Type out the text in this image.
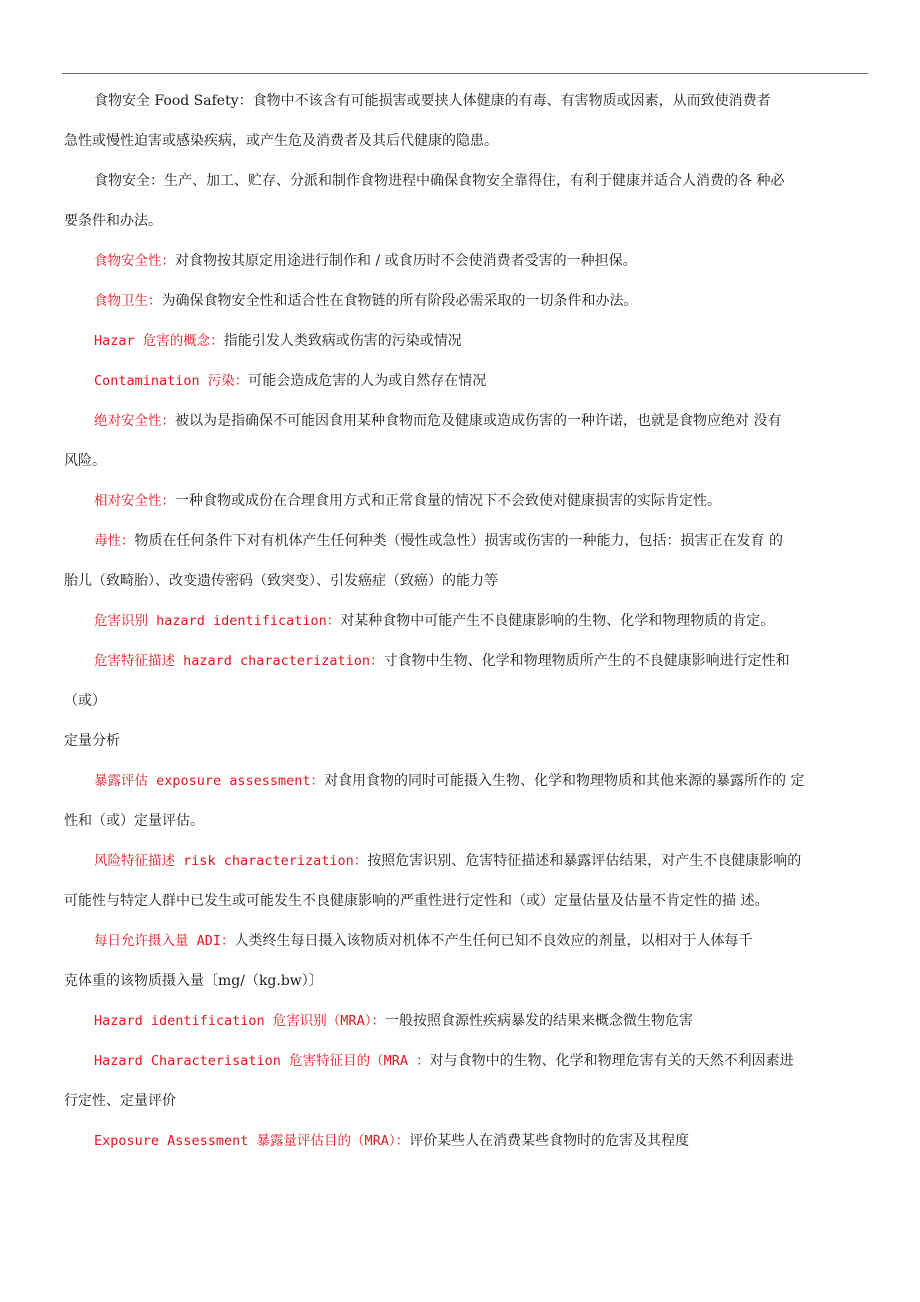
食物安全 Food Safety：食物中不该含有可能损害或要挟人体健康的有毒、有害物质或因素，从而致使消费者

急性或慢性迫害或感染疾病，或产生危及消费者及其后代健康的隐患。

食物安全：生产、加工、贮存、分派和制作食物进程中确保食物安全靠得住，有利于健康并适合人消费的各 种必

要条件和办法。

食物安全性：对食物按其原定用途进行制作和 / 或食历时不会使消费者受害的一种担保。

食物卫生：为确保食物安全性和适合性在食物链的所有阶段必需采取的一切条件和办法。

Hazar 危害的概念：指能引发人类致病或伤害的污染或情况

Contamination 污染：可能会造成危害的人为或自然存在情况

绝对安全性：被以为是指确保不可能因食用某种食物而危及健康或造成伤害的一种许诺，也就是食物应绝对 没有

风险。

相对安全性：一种食物或成份在合理食用方式和正常食量的情况下不会致使对健康损害的实际肯定性。

毒性：物质在任何条件下对有机体产生任何种类（慢性或急性）损害或伤害的一种能力，包括：损害正在发育 的

胎儿（致畸胎）、改变遗传密码（致突变）、引发癌症（致癌）的能力等

危害识别 hazard identification：对某种食物中可能产生不良健康影响的生物、化学和物理物质的肯定。

危害特征描述 hazard characterization：寸食物中生物、化学和物理物质所产生的不良健康影响进行定性和

（或）

定量分析

暴露评估 exposure assessment：对食用食物的同时可能摄入生物、化学和物理物质和其他来源的暴露所作的 定

性和（或）定量评估。

风险特征描述 risk characterization：按照危害识别、危害特征描述和暴露评估结果，对产生不良健康影响的

可能性与特定人群中已发生或可能发生不良健康影响的严重性进行定性和（或）定量估量及估量不肯定性的描 述。

每日允许摄入量 ADI：人类终生每日摄入该物质对机体不产生任何已知不良效应的剂量，以相对于人体每千

克体重的该物质摄入量〔mg/（kg.bw）〕

Hazard identification 危害识别（MRA）：一般按照食源性疾病暴发的结果来概念微生物危害

Hazard Characterisation 危害特征目的（MRA ：对与食物中的生物、化学和物理危害有关的天然不利因素进

行定性、定量评价

Exposure Assessment 暴露量评估目的（MRA）：评价某些人在消费某些食物时的危害及其程度
